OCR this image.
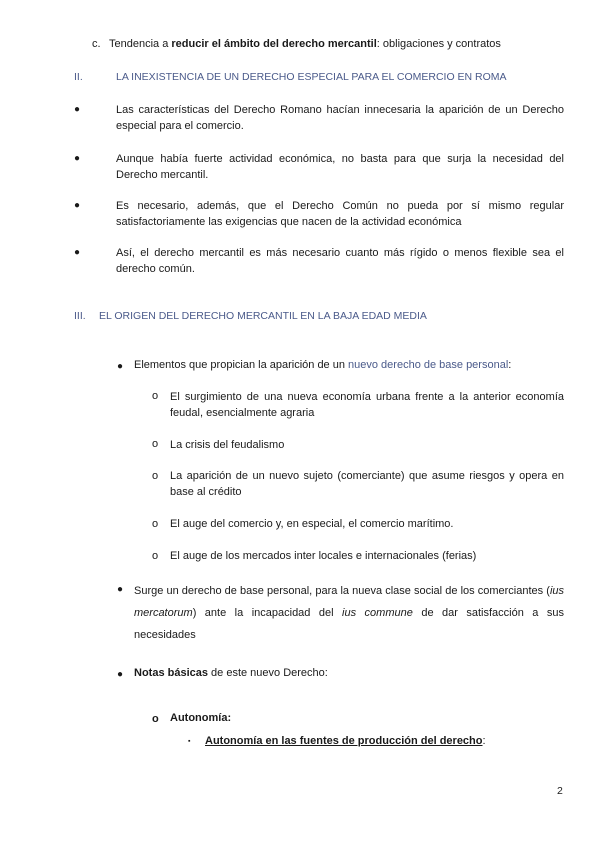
c. Tendencia a reducir el ámbito del derecho mercantil: obligaciones y contratos
II.	LA INEXISTENCIA DE UN DERECHO ESPECIAL PARA EL COMERCIO EN ROMA
●	Las características del Derecho Romano hacían innecesaria la aparición de un Derecho especial para el comercio.
●	Aunque había fuerte actividad económica, no basta para que surja la necesidad del Derecho mercantil.
●	Es necesario, además, que el Derecho Común no pueda por sí mismo regular satisfactoriamente las exigencias que nacen de la actividad económica
●	Así, el derecho mercantil es más necesario cuanto más rígido o menos flexible sea el derecho común.
III. EL ORIGEN DEL DERECHO MERCANTIL EN LA BAJA EDAD MEDIA
● Elementos que propician la aparición de un nuevo derecho de base personal:
o El surgimiento de una nueva economía urbana frente a la anterior economía feudal, esencialmente agraria
o La crisis del feudalismo
o La aparición de un nuevo sujeto (comerciante) que asume riesgos y opera en base al crédito
o El auge del comercio y, en especial, el comercio marítimo.
o El auge de los mercados inter locales e internacionales (ferias)
● Surge un derecho de base personal, para la nueva clase social de los comerciantes (ius mercatorum) ante la incapacidad del ius commune de dar satisfacción a sus necesidades
● Notas básicas de este nuevo Derecho:
o Autonomía:
▪ Autonomía en las fuentes de producción del derecho:
2
